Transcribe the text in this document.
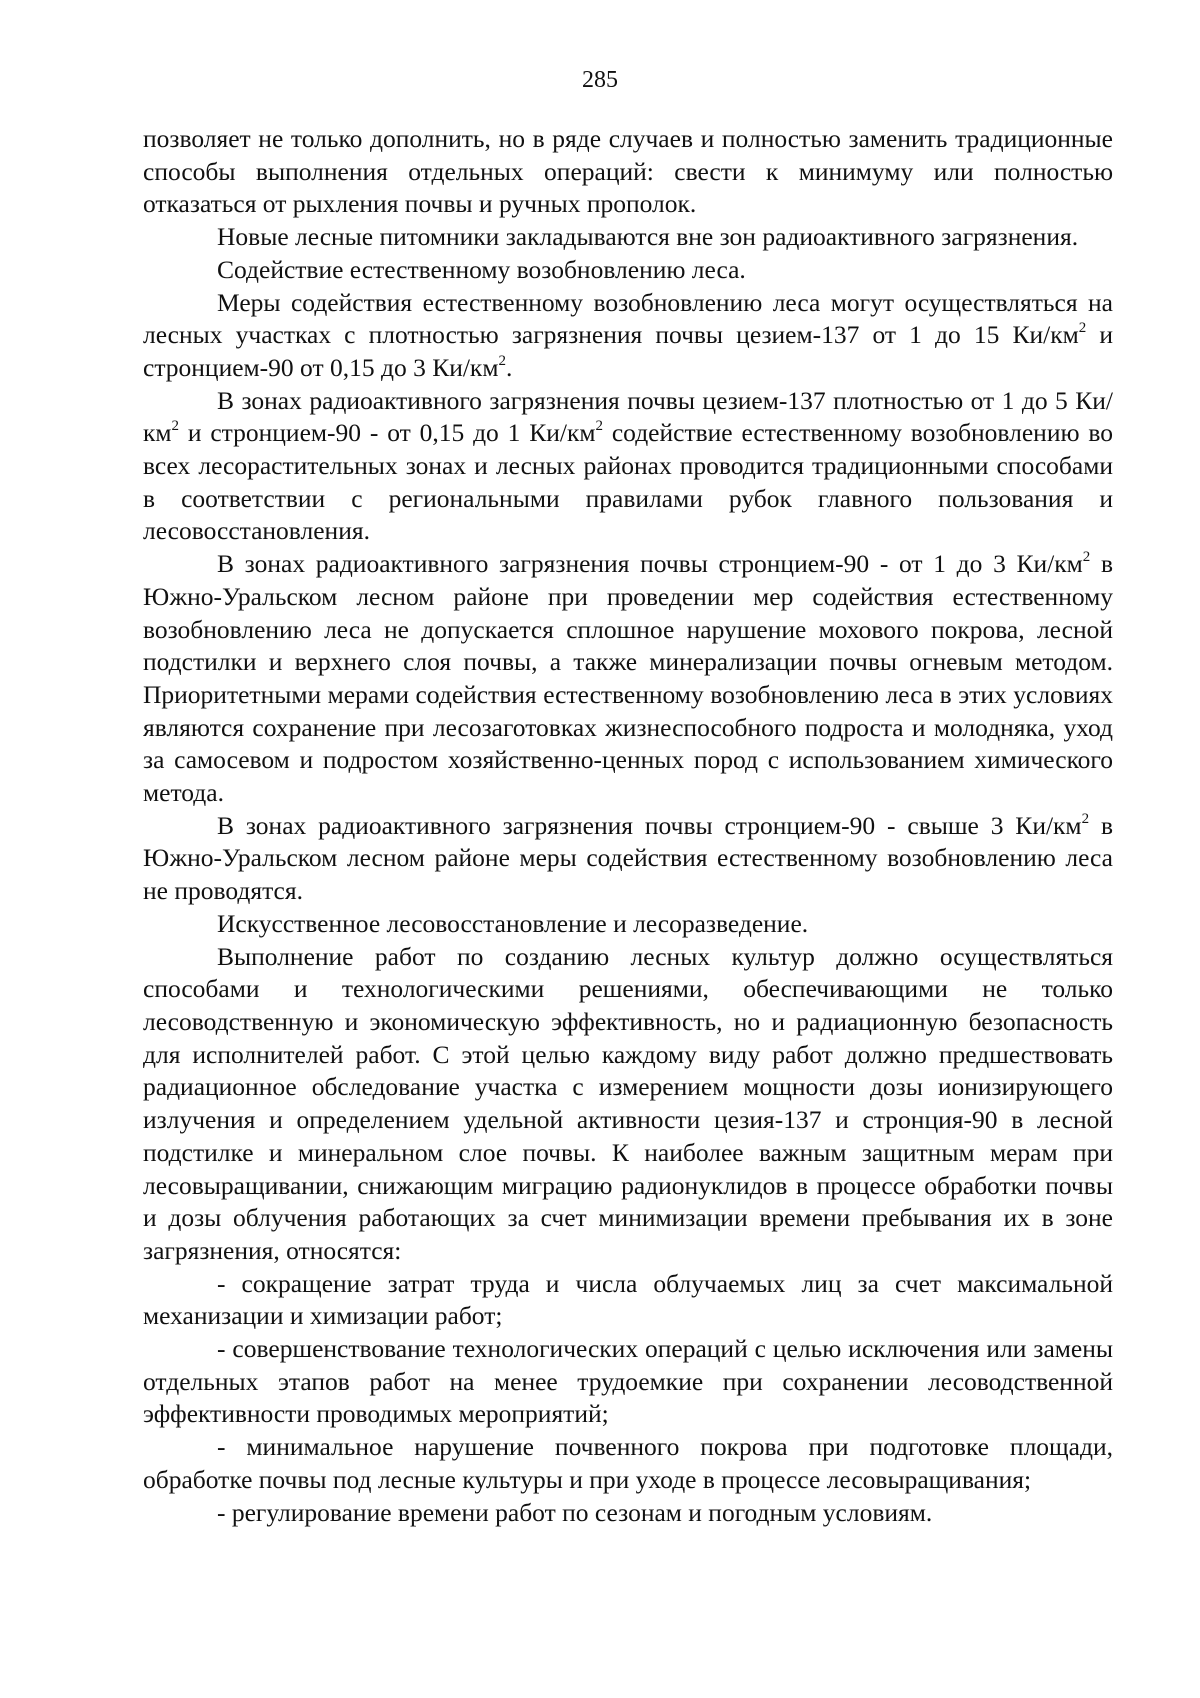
285

позволяет не только дополнить, но в ряде случаев и полностью заменить традиционные способы выполнения отдельных операций: свести к минимуму или полностью отказаться от рыхления почвы и ручных прополок.

Новые лесные питомники закладываются вне зон радиоактивного загрязнения.

Содействие естественному возобновлению леса.

Меры содействия естественному возобновлению леса могут осуществляться на лесных участках с плотностью загрязнения почвы цезием-137 от 1 до 15 $Ки/км^2$ и стронцием-90 от 0,15 до 3 $Ки/км^2$.

В зонах радиоактивного загрязнения почвы цезием-137 плотностью от 1 до 5 $Ки/км^2$ и стронцием-90 - от 0,15 до 1 $Ки/км^2$ содействие естественному возобновлению во всех лесорастительных зонах и лесных районах проводится традиционными способами в соответствии с региональными правилами рубок главного пользования и лесовосстановления.

В зонах радиоактивного загрязнения почвы стронцием-90 - от 1 до 3 $Ки/км^2$ в Южно-Уральском лесном районе при проведении мер содействия естественному возобновлению леса не допускается сплошное нарушение мохового покрова, лесной подстилки и верхнего слоя почвы, а также минерализации почвы огневым методом. Приоритетными мерами содействия естественному возобновлению леса в этих условиях являются сохранение при лесозаготовках жизнеспособного подроста и молодняка, уход за самосевом и подростом хозяйственно-ценных пород с использованием химического метода.

В зонах радиоактивного загрязнения почвы стронцием-90 - свыше 3 $Ки/км^2$ в Южно-Уральском лесном районе меры содействия естественному возобновлению леса не проводятся.

Искусственное лесовосстановление и лесоразведение.

Выполнение работ по созданию лесных культур должно осуществляться способами и технологическими решениями, обеспечивающими не только лесоводственную и экономическую эффективность, но и радиационную безопасность для исполнителей работ. С этой целью каждому виду работ должно предшествовать радиационное обследование участка с измерением мощности дозы ионизирующего излучения и определением удельной активности цезия-137 и стронция-90 в лесной подстилке и минеральном слое почвы. К наиболее важным защитным мерам при лесовыращивании, снижающим миграцию радионуклидов в процессе обработки почвы и дозы облучения работающих за счет минимизации времени пребывания их в зоне загрязнения, относятся:

- сокращение затрат труда и числа облучаемых лиц за счет максимальной механизации и химизации работ;

- совершенствование технологических операций с целью исключения или замены отдельных этапов работ на менее трудоемкие при сохранении лесоводственной эффективности проводимых мероприятий;

- минимальное нарушение почвенного покрова при подготовке площади, обработке почвы под лесные культуры и при уходе в процессе лесовыращивания;

- регулирование времени работ по сезонам и погодным условиям.
